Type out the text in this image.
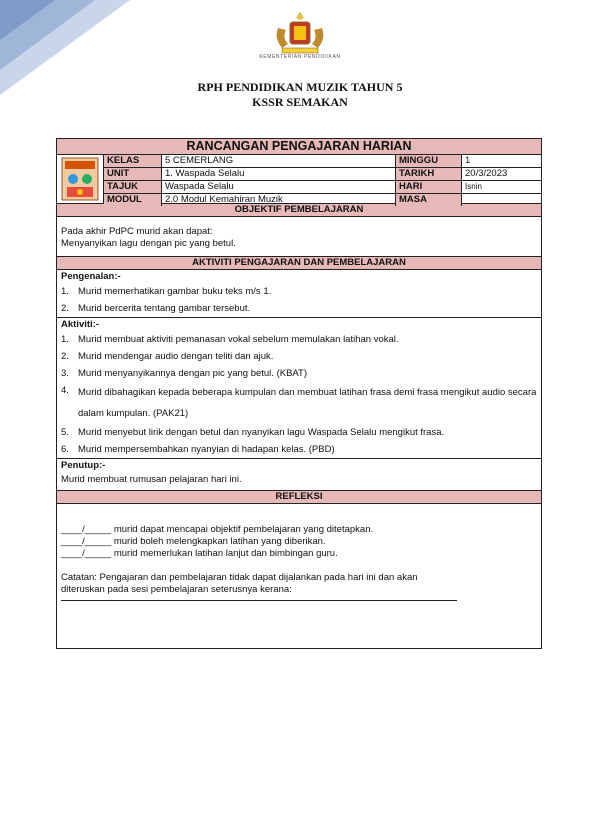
KEMENTERIAN PENDIDIKAN
RPH PENDIDIKAN MUZIK TAHUN 5
KSSR SEMAKAN
RANCANGAN PENGAJARAN HARIAN
KELAS	5 CEMERLANG	MINGGU	1
UNIT	1. Waspada Selalu	TARIKH	20/3/2023
TAJUK	Waspada Selalu	HARI	Isnin
MODUL	2.0 Modul Kemahiran Muzik	MASA
OBJEKTIF PEMBELAJARAN
Pada akhir PdPC murid akan dapat:
Menyanyikan lagu dengan pic yang betul.
AKTIVITI PENGAJARAN DAN PEMBELAJARAN
Pengenalan:-
1. Murid memerhatikan gambar buku teks m/s 1.
2. Murid bercerita tentang gambar tersebut.
Aktiviti:-
1. Murid membuat aktiviti pemanasan vokal sebelum memulakan latihan vokal.
2. Murid mendengar audio dengan teliti dan ajuk.
3. Murid menyanyikannya dengan pic yang betul. (KBAT)
4. Murid dibahagikan kepada beberapa kumpulan dan membuat latihan frasa demi frasa mengikut audio secara dalam kumpulan. (PAK21)
5. Murid menyebut lirik dengan betul dan nyanyikan lagu Waspada Selalu mengikut frasa.
6. Murid mempersembahkan nyanyian di hadapan kelas. (PBD)
Penutup:-
Murid membuat rumusan pelajaran hari ini.
REFLEKSI
____/_____ murid dapat mencapai objektif pembelajaran yang ditetapkan.
____/_____ murid boleh melengkapkan latihan yang diberikan.
____/_____ murid memerlukan latihan lanjut dan bimbingan guru.
Catatan: Pengajaran dan pembelajaran tidak dapat dijalankan pada hari ini dan akan
diteruskan pada sesi pembelajaran seterusnya kerana:
